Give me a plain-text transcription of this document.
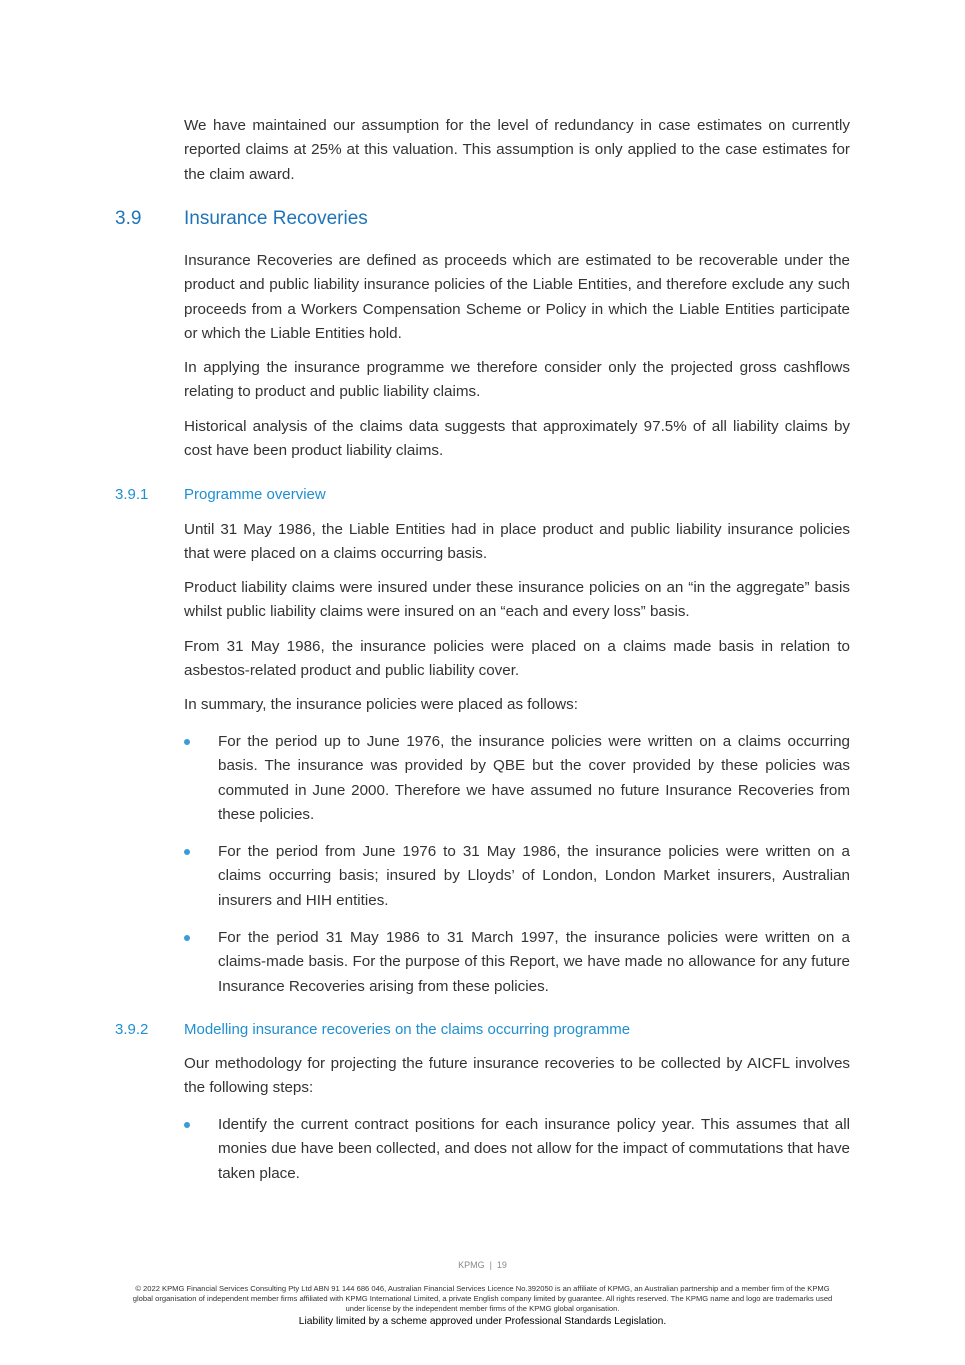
We have maintained our assumption for the level of redundancy in case estimates on currently reported claims at 25% at this valuation. This assumption is only applied to the case estimates for the claim award.

3.9 Insurance Recoveries

Insurance Recoveries are defined as proceeds which are estimated to be recoverable under the product and public liability insurance policies of the Liable Entities, and therefore exclude any such proceeds from a Workers Compensation Scheme or Policy in which the Liable Entities participate or which the Liable Entities hold.

In applying the insurance programme we therefore consider only the projected gross cashflows relating to product and public liability claims.

Historical analysis of the claims data suggests that approximately 97.5% of all liability claims by cost have been product liability claims.

3.9.1 Programme overview

Until 31 May 1986, the Liable Entities had in place product and public liability insurance policies that were placed on a claims occurring basis.

Product liability claims were insured under these insurance policies on an “in the aggregate” basis whilst public liability claims were insured on an “each and every loss” basis.

From 31 May 1986, the insurance policies were placed on a claims made basis in relation to asbestos-related product and public liability cover.

In summary, the insurance policies were placed as follows:

For the period up to June 1976, the insurance policies were written on a claims occurring basis. The insurance was provided by QBE but the cover provided by these policies was commuted in June 2000. Therefore we have assumed no future Insurance Recoveries from these policies.

For the period from June 1976 to 31 May 1986, the insurance policies were written on a claims occurring basis; insured by Lloyds’ of London, London Market insurers, Australian insurers and HIH entities.

For the period 31 May 1986 to 31 March 1997, the insurance policies were written on a claims-made basis. For the purpose of this Report, we have made no allowance for any future Insurance Recoveries arising from these policies.

3.9.2 Modelling insurance recoveries on the claims occurring programme

Our methodology for projecting the future insurance recoveries to be collected by AICFL involves the following steps:

Identify the current contract positions for each insurance policy year. This assumes that all monies due have been collected, and does not allow for the impact of commutations that have taken place.

KPMG  |  19
© 2022 KPMG Financial Services Consulting Pty Ltd ABN 91 144 686 046, Australian Financial Services Licence No.392050 is an affiliate of KPMG, an Australian partnership and a member firm of the KPMG global organisation of independent member firms affiliated with KPMG International Limited, a private English company limited by guarantee. All rights reserved. The KPMG name and logo are trademarks used under license by the independent member firms of the KPMG global organisation.
Liability limited by a scheme approved under Professional Standards Legislation.
